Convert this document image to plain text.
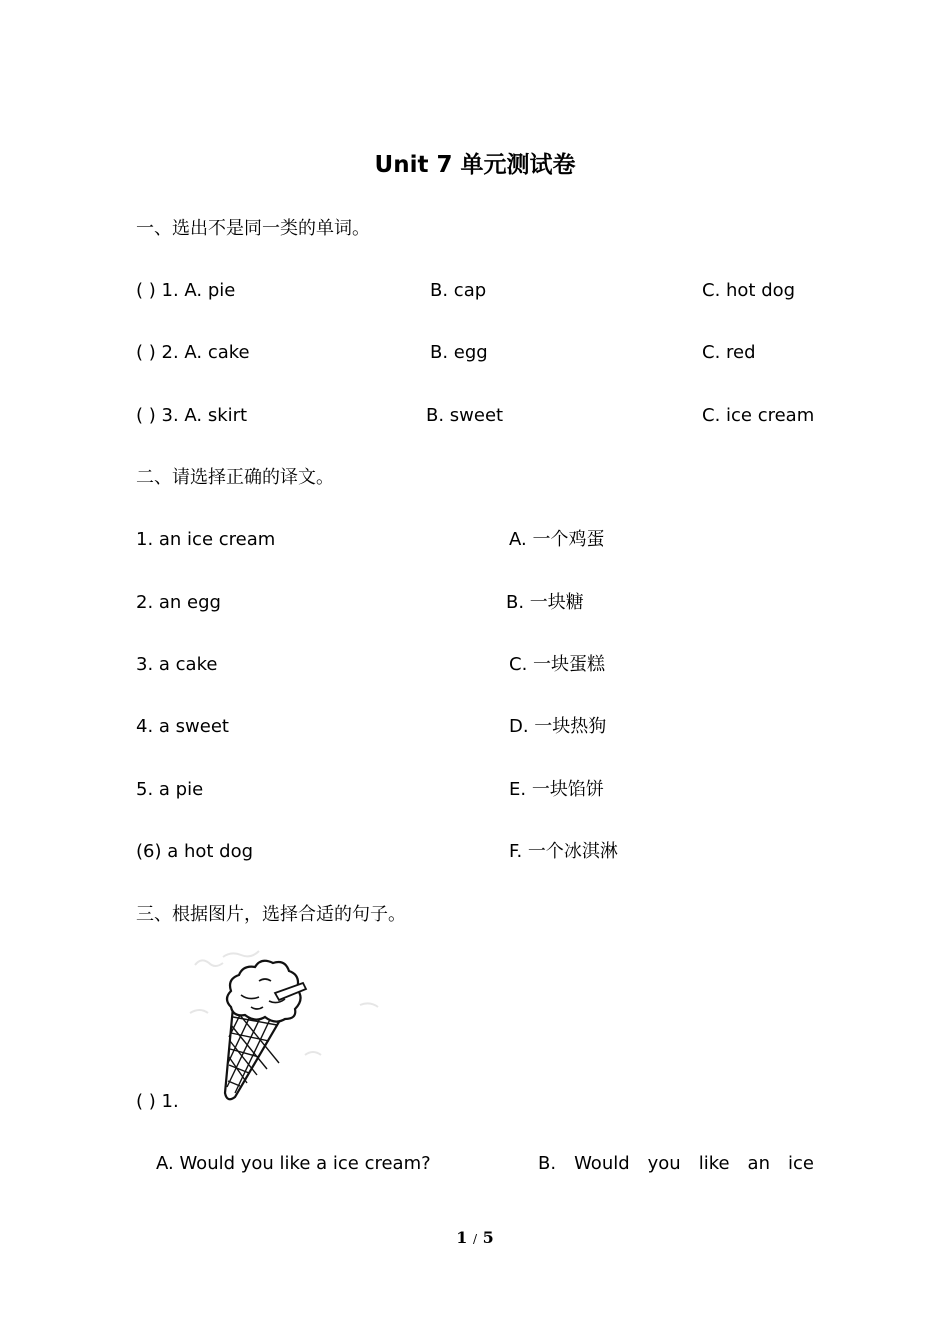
Unit 7 单元测试卷
一、选出不是同一类的单词。
( ) 1. A. pie	B. cap	C. hot dog
( ) 2. A. cake	B. egg	C. red
( ) 3. A. skirt	B. sweet	C. ice cream
二、请选择正确的译文。
1. an ice cream	A. 一个鸡蛋
2. an egg	B. 一块糖
3. a cake	C. 一块蛋糕
4. a sweet	D. 一块热狗
5. a pie	E. 一块馅饼
(6) a hot dog	F. 一个冰淇淋
三、根据图片，选择合适的句子。
( ) 1.
A. Would you like a ice cream?	B. Would you like an ice
1 / 5
